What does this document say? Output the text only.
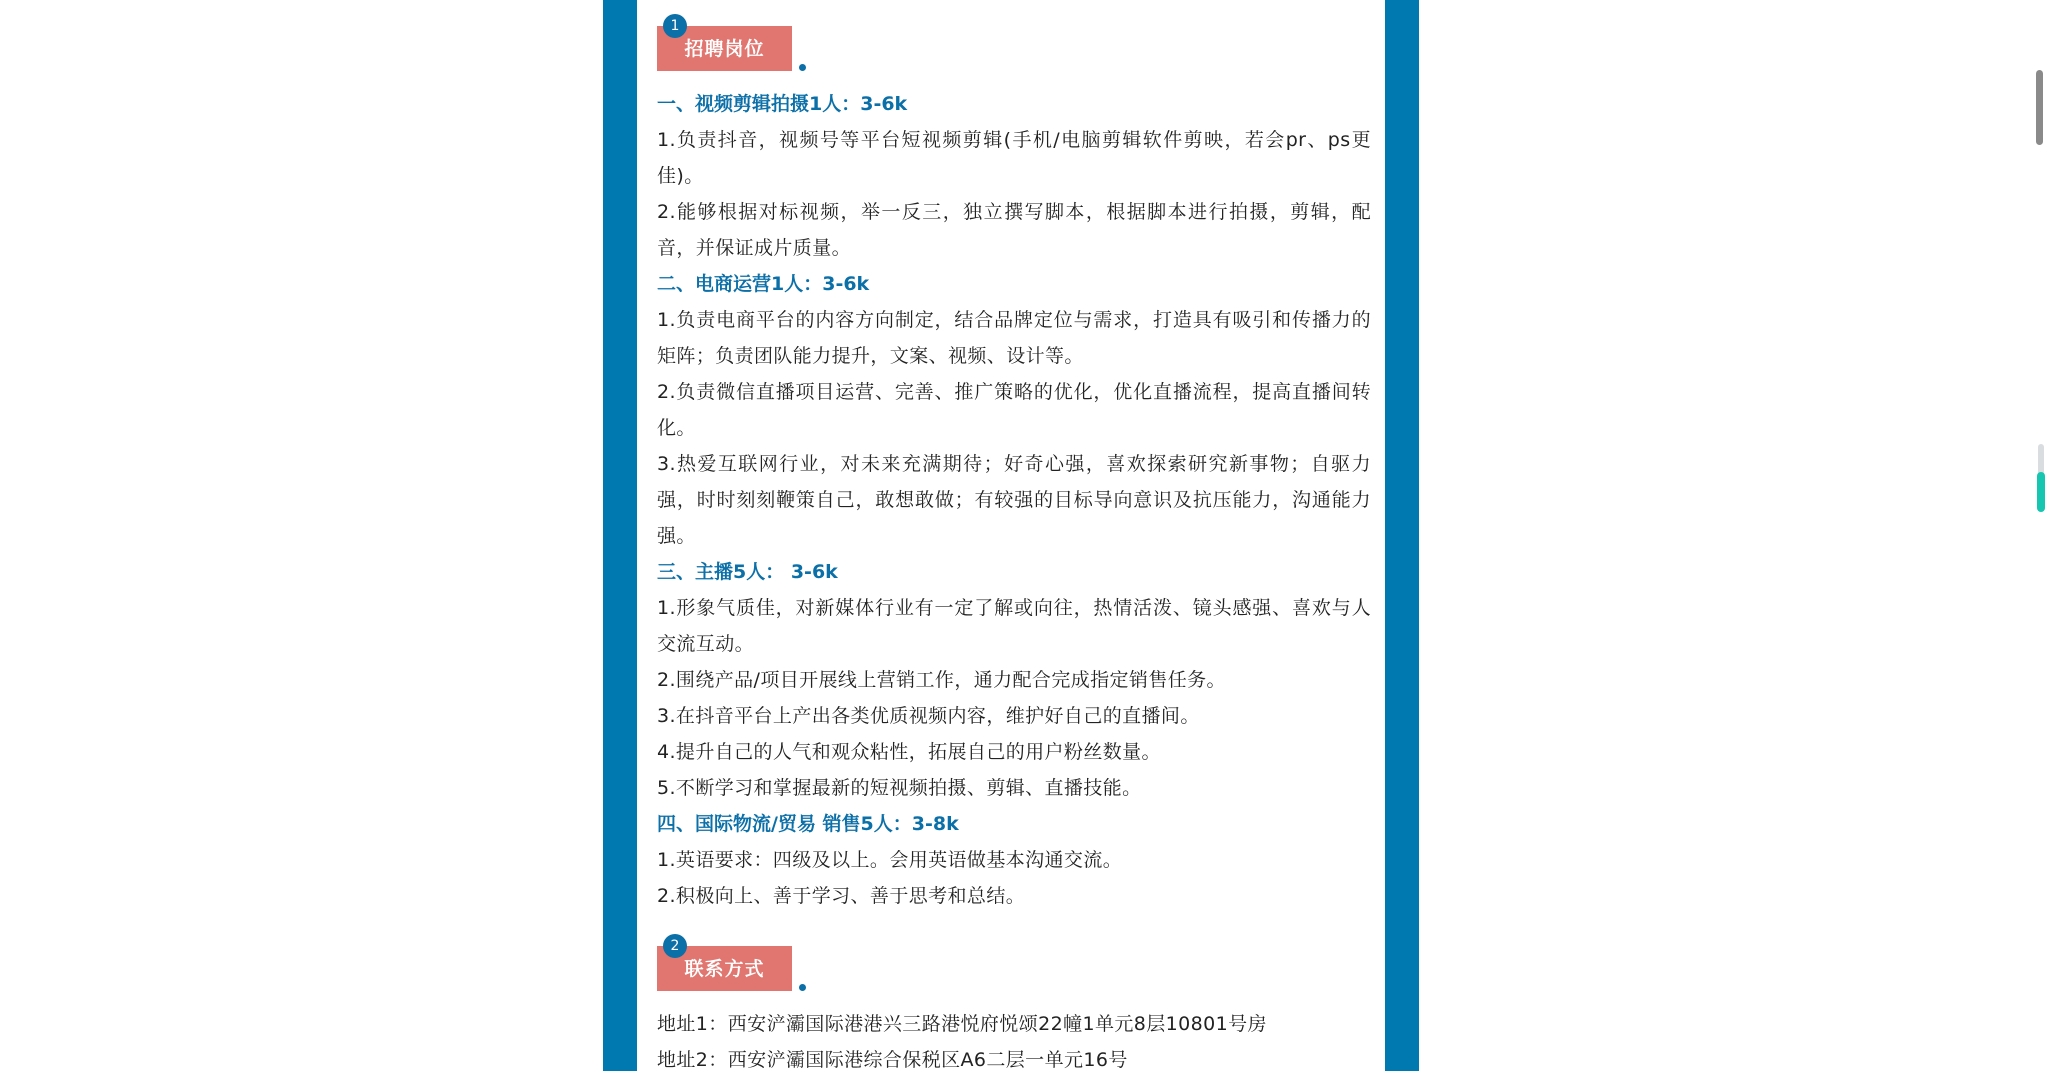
招聘岗位
1

一、视频剪辑拍摄1人：3-6k

1.负责抖音，视频号等平台短视频剪辑(手机/电脑剪辑软件剪映，若会pr、ps更佳)。

2.能够根据对标视频，举一反三，独立撰写脚本，根据脚本进行拍摄，剪辑，配音，并保证成片质量。

二、电商运营1人：3-6k

1.负责电商平台的内容方向制定，结合品牌定位与需求，打造具有吸引和传播力的矩阵；负责团队能力提升，文案、视频、设计等。

2.负责微信直播项目运营、完善、推广策略的优化，优化直播流程，提高直播间转化。

3.热爱互联网行业，对未来充满期待；好奇心强，喜欢探索研究新事物；自驱力强，时时刻刻鞭策自己，敢想敢做；有较强的目标导向意识及抗压能力，沟通能力强。

三、主播5人： 3-6k

1.形象气质佳，对新媒体行业有一定了解或向往，热情活泼、镜头感强、喜欢与人交流互动。

2.围绕产品/项目开展线上营销工作，通力配合完成指定销售任务。

3.在抖音平台上产出各类优质视频内容，维护好自己的直播间。

4.提升自己的人气和观众粘性，拓展自己的用户粉丝数量。

5.不断学习和掌握最新的短视频拍摄、剪辑、直播技能。

四、国际物流/贸易 销售5人：3-8k

1.英语要求：四级及以上。会用英语做基本沟通交流。

2.积极向上、善于学习、善于思考和总结。

联系方式
2

地址1：西安浐灞国际港港兴三路港悦府悦颂22幢1单元8层10801号房

地址2：西安浐灞国际港综合保税区A6二层一单元16号
